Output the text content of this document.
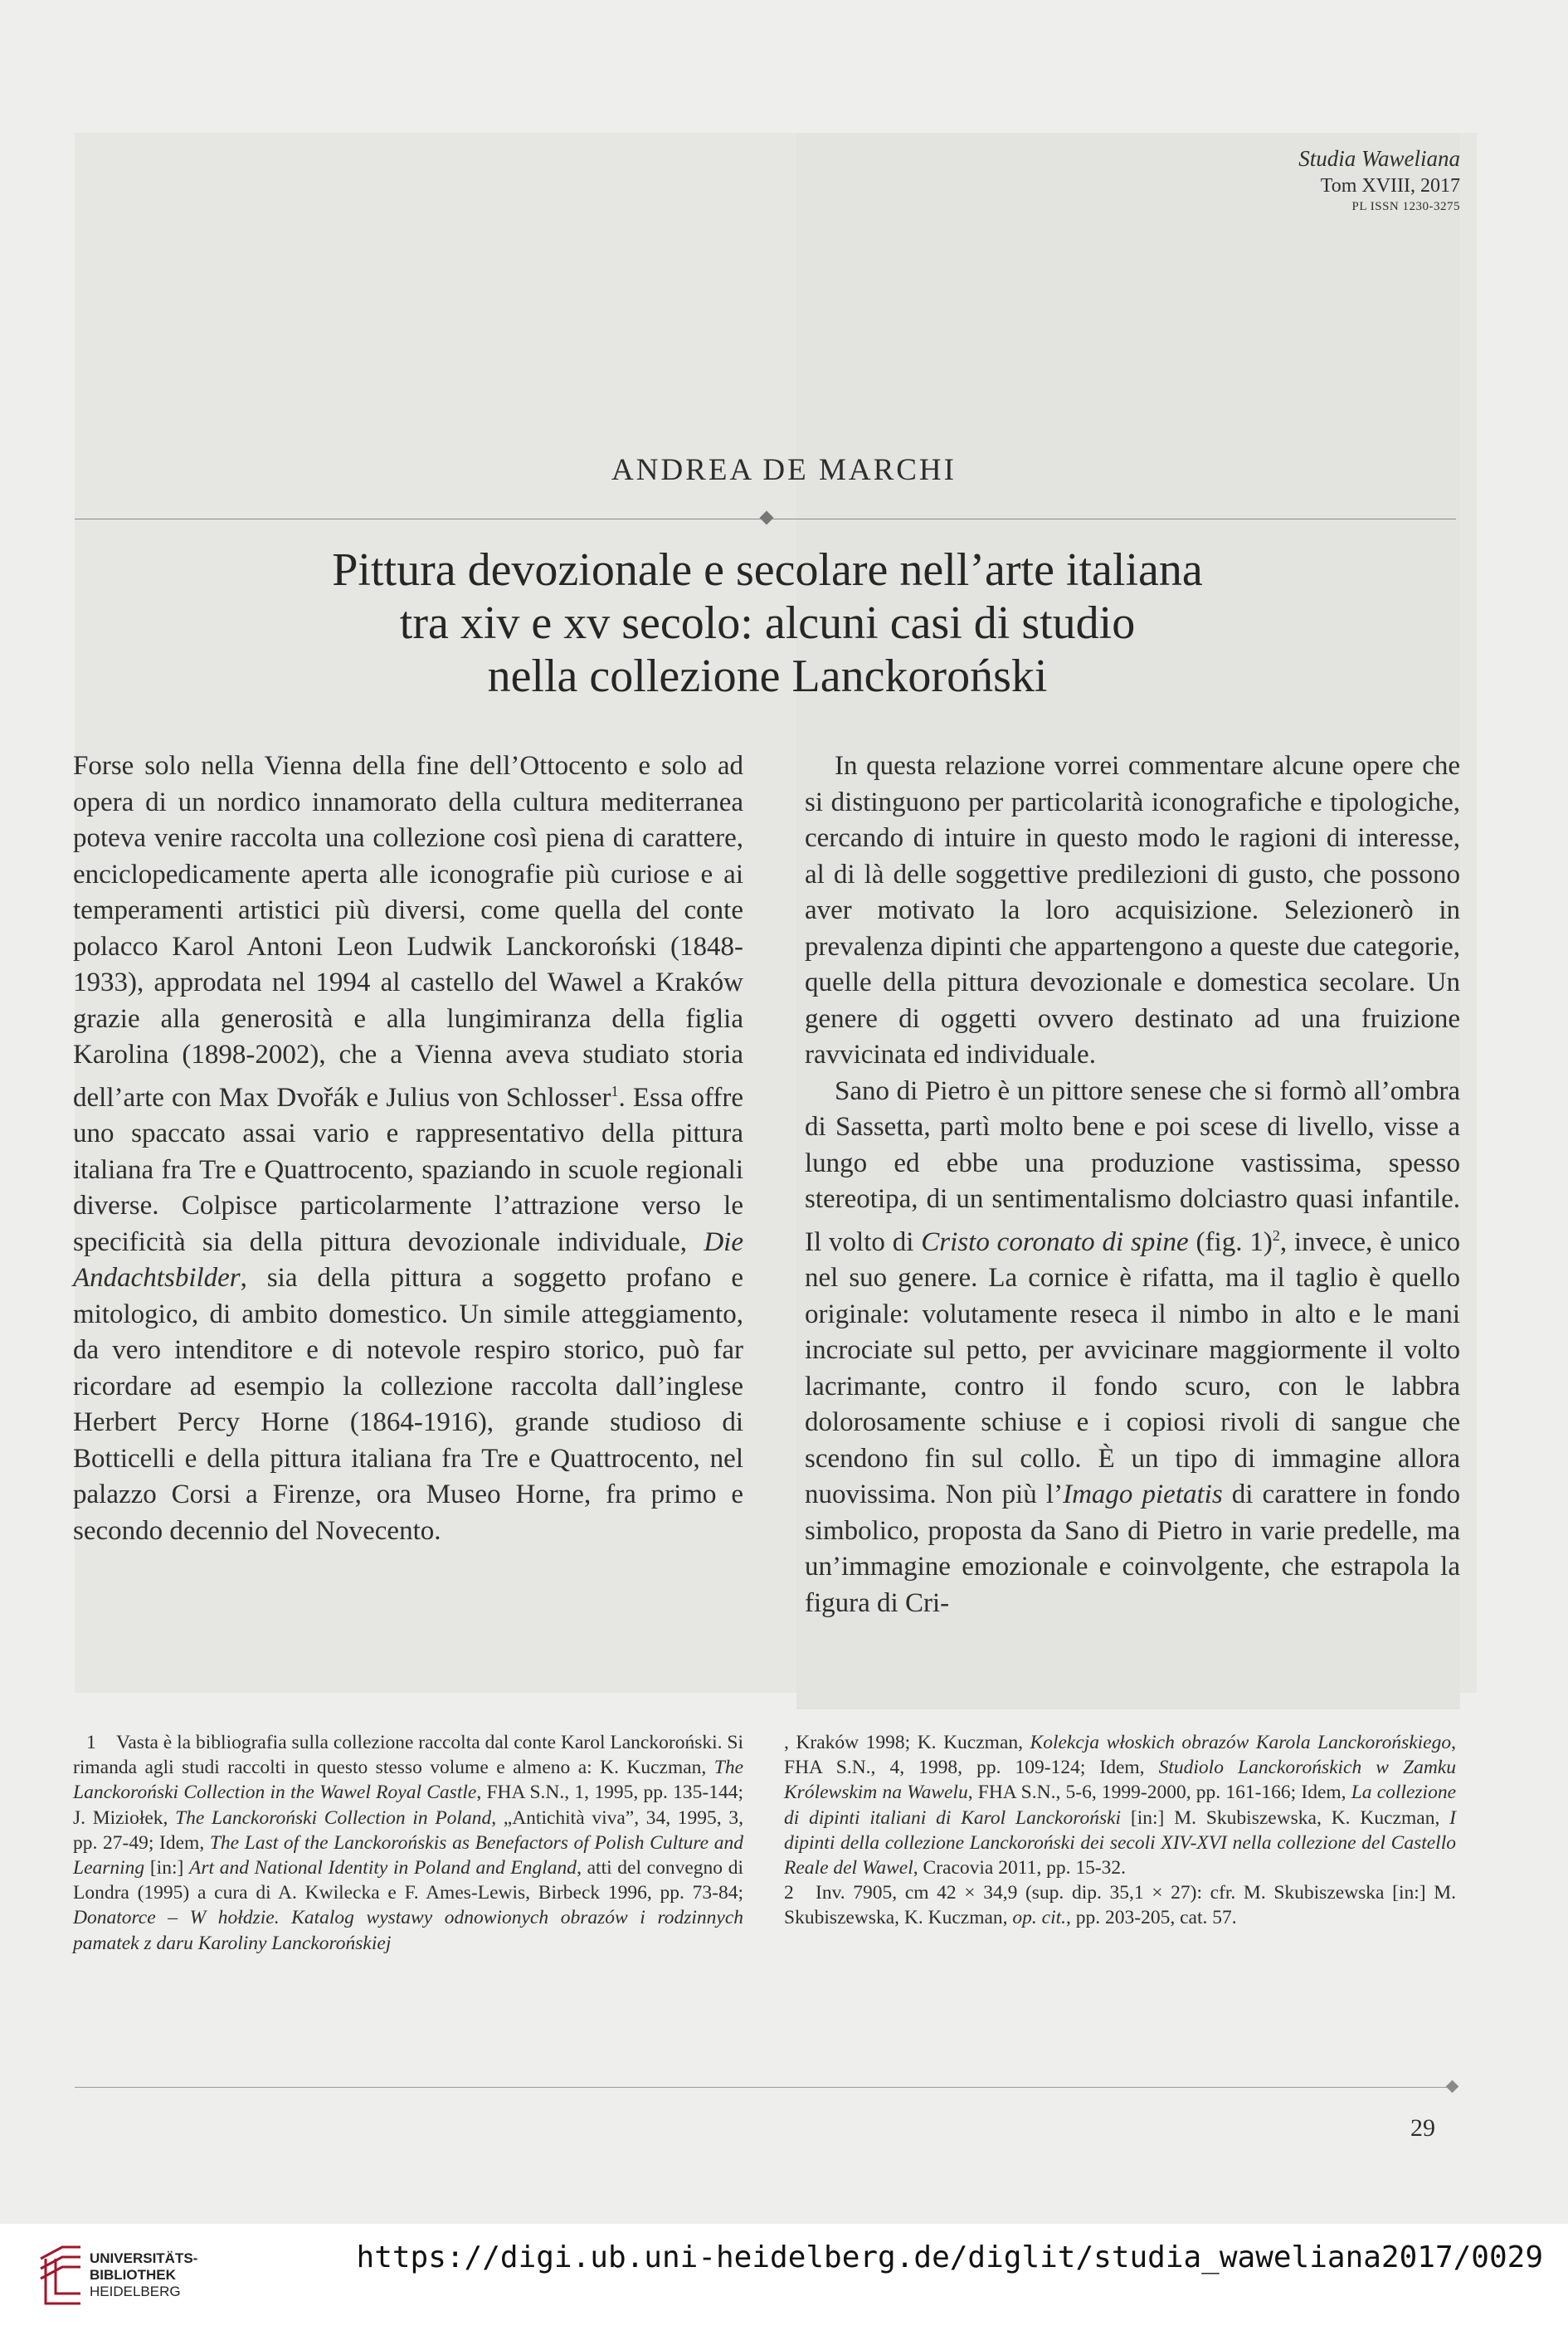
Studia Waweliana
Tom XVIII, 2017
PL ISSN 1230-3275
ANDREA DE MARCHI
Pittura devozionale e secolare nell’arte italiana
tra xiv e xv secolo: alcuni casi di studio
nella collezione Lanckoroński

Forse solo nella Vienna della fine dell’Ottocento e solo ad opera di un nordico innamorato della cultura mediterranea poteva venire raccolta una collezione così piena di carattere, enciclopedicamente aperta alle iconografie più curiose e ai temperamenti artistici più diversi, come quella del conte polacco Karol Antoni Leon Ludwik Lanckoroński (1848-1933), approdata nel 1994 al castello del Wawel a Kraków grazie alla generosità e alla lungimiranza della figlia Karolina (1898-2002), che a Vienna aveva studiato storia dell’arte con Max Dvořák e Julius von Schlosser$^1$. Essa offre uno spaccato assai vario e rappresentativo della pittura italiana fra Tre e Quattrocento, spaziando in scuole regionali diverse. Colpisce particolarmente l’attrazione verso le specificità sia della pittura devozionale individuale, Die Andachtsbilder, sia della pittura a soggetto profano e mitologico, di ambito domestico. Un simile atteggiamento, da vero intenditore e di notevole respiro storico, può far ricordare ad esempio la collezione raccolta dall’inglese Herbert Percy Horne (1864-1916), grande studioso di Botticelli e della pittura italiana fra Tre e Quattrocento, nel palazzo Corsi a Firenze, ora Museo Horne, fra primo e secondo decennio del Novecento.

In questa relazione vorrei commentare alcune opere che si distinguono per particolarità iconografiche e tipologiche, cercando di intuire in questo modo le ragioni di interesse, al di là delle soggettive predilezioni di gusto, che possono aver motivato la loro acquisizione. Selezionerò in prevalenza dipinti che appartengono a queste due categorie, quelle della pittura devozionale e domestica secolare. Un genere di oggetti ovvero destinato ad una fruizione ravvicinata ed individuale.

Sano di Pietro è un pittore senese che si formò all’ombra di Sassetta, partì molto bene e poi scese di livello, visse a lungo ed ebbe una produzione vastissima, spesso stereotipa, di un sentimentalismo dolciastro quasi infantile. Il volto di Cristo coronato di spine (fig. 1)$^2$, invece, è unico nel suo genere. La cornice è rifatta, ma il taglio è quello originale: volutamente reseca il nimbo in alto e le mani incrociate sul petto, per avvicinare maggiormente il volto lacrimante, contro il fondo scuro, con le labbra dolorosamente schiuse e i copiosi rivoli di sangue che scendono fin sul collo. È un tipo di immagine allora nuovissima. Non più l’Imago pietatis di carattere in fondo simbolico, proposta da Sano di Pietro in varie predelle, ma un’immagine emozionale e coinvolgente, che estrapola la figura di Cri-

1 Vasta è la bibliografia sulla collezione raccolta dal conte Karol Lanckoroński. Si rimanda agli studi raccolti in questo stesso volume e almeno a: K. Kuczman, The Lanckoroński Collection in the Wawel Royal Castle, FHA S.N., 1, 1995, pp. 135-144; J. Miziołek, The Lanckoroński Collection in Poland, „Antichità viva”, 34, 1995, 3, pp. 27-49; Idem, The Last of the Lanckorońskis as Benefactors of Polish Culture and Learning [in:] Art and National Identity in Poland and England, atti del convegno di Londra (1995) a cura di A. Kwilecka e F. Ames-Lewis, Birbeck 1996, pp. 73-84; Donatorce – W hołdzie. Katalog wystawy odnowionych obrazów i rodzinnych pamatek z daru Karoliny Lanckorońskiej

, Kraków 1998; K. Kuczman, Kolekcja włoskich obrazów Karola Lanckorońskiego, FHA S.N., 4, 1998, pp. 109-124; Idem, Studiolo Lanckorońskich w Zamku Królewskim na Wawelu, FHA S.N., 5-6, 1999-2000, pp. 161-166; Idem, La collezione di dipinti italiani di Karol Lanckoroński [in:] M. Skubiszewska, K. Kuczman, I dipinti della collezione Lanckoroński dei secoli XIV-XVI nella collezione del Castello Reale del Wawel, Cracovia 2011, pp. 15-32.

2 Inv. 7905, cm 42 × 34,9 (sup. dip. 35,1 × 27): cfr. M. Skubiszewska [in:] M. Skubiszewska, K. Kuczman, op. cit., pp. 203-205, cat. 57.

29
UNIVERSITÄTS-
BIBLIOTHEK
HEIDELBERG
https://digi.ub.uni-heidelberg.de/diglit/studia_waweliana2017/0029
